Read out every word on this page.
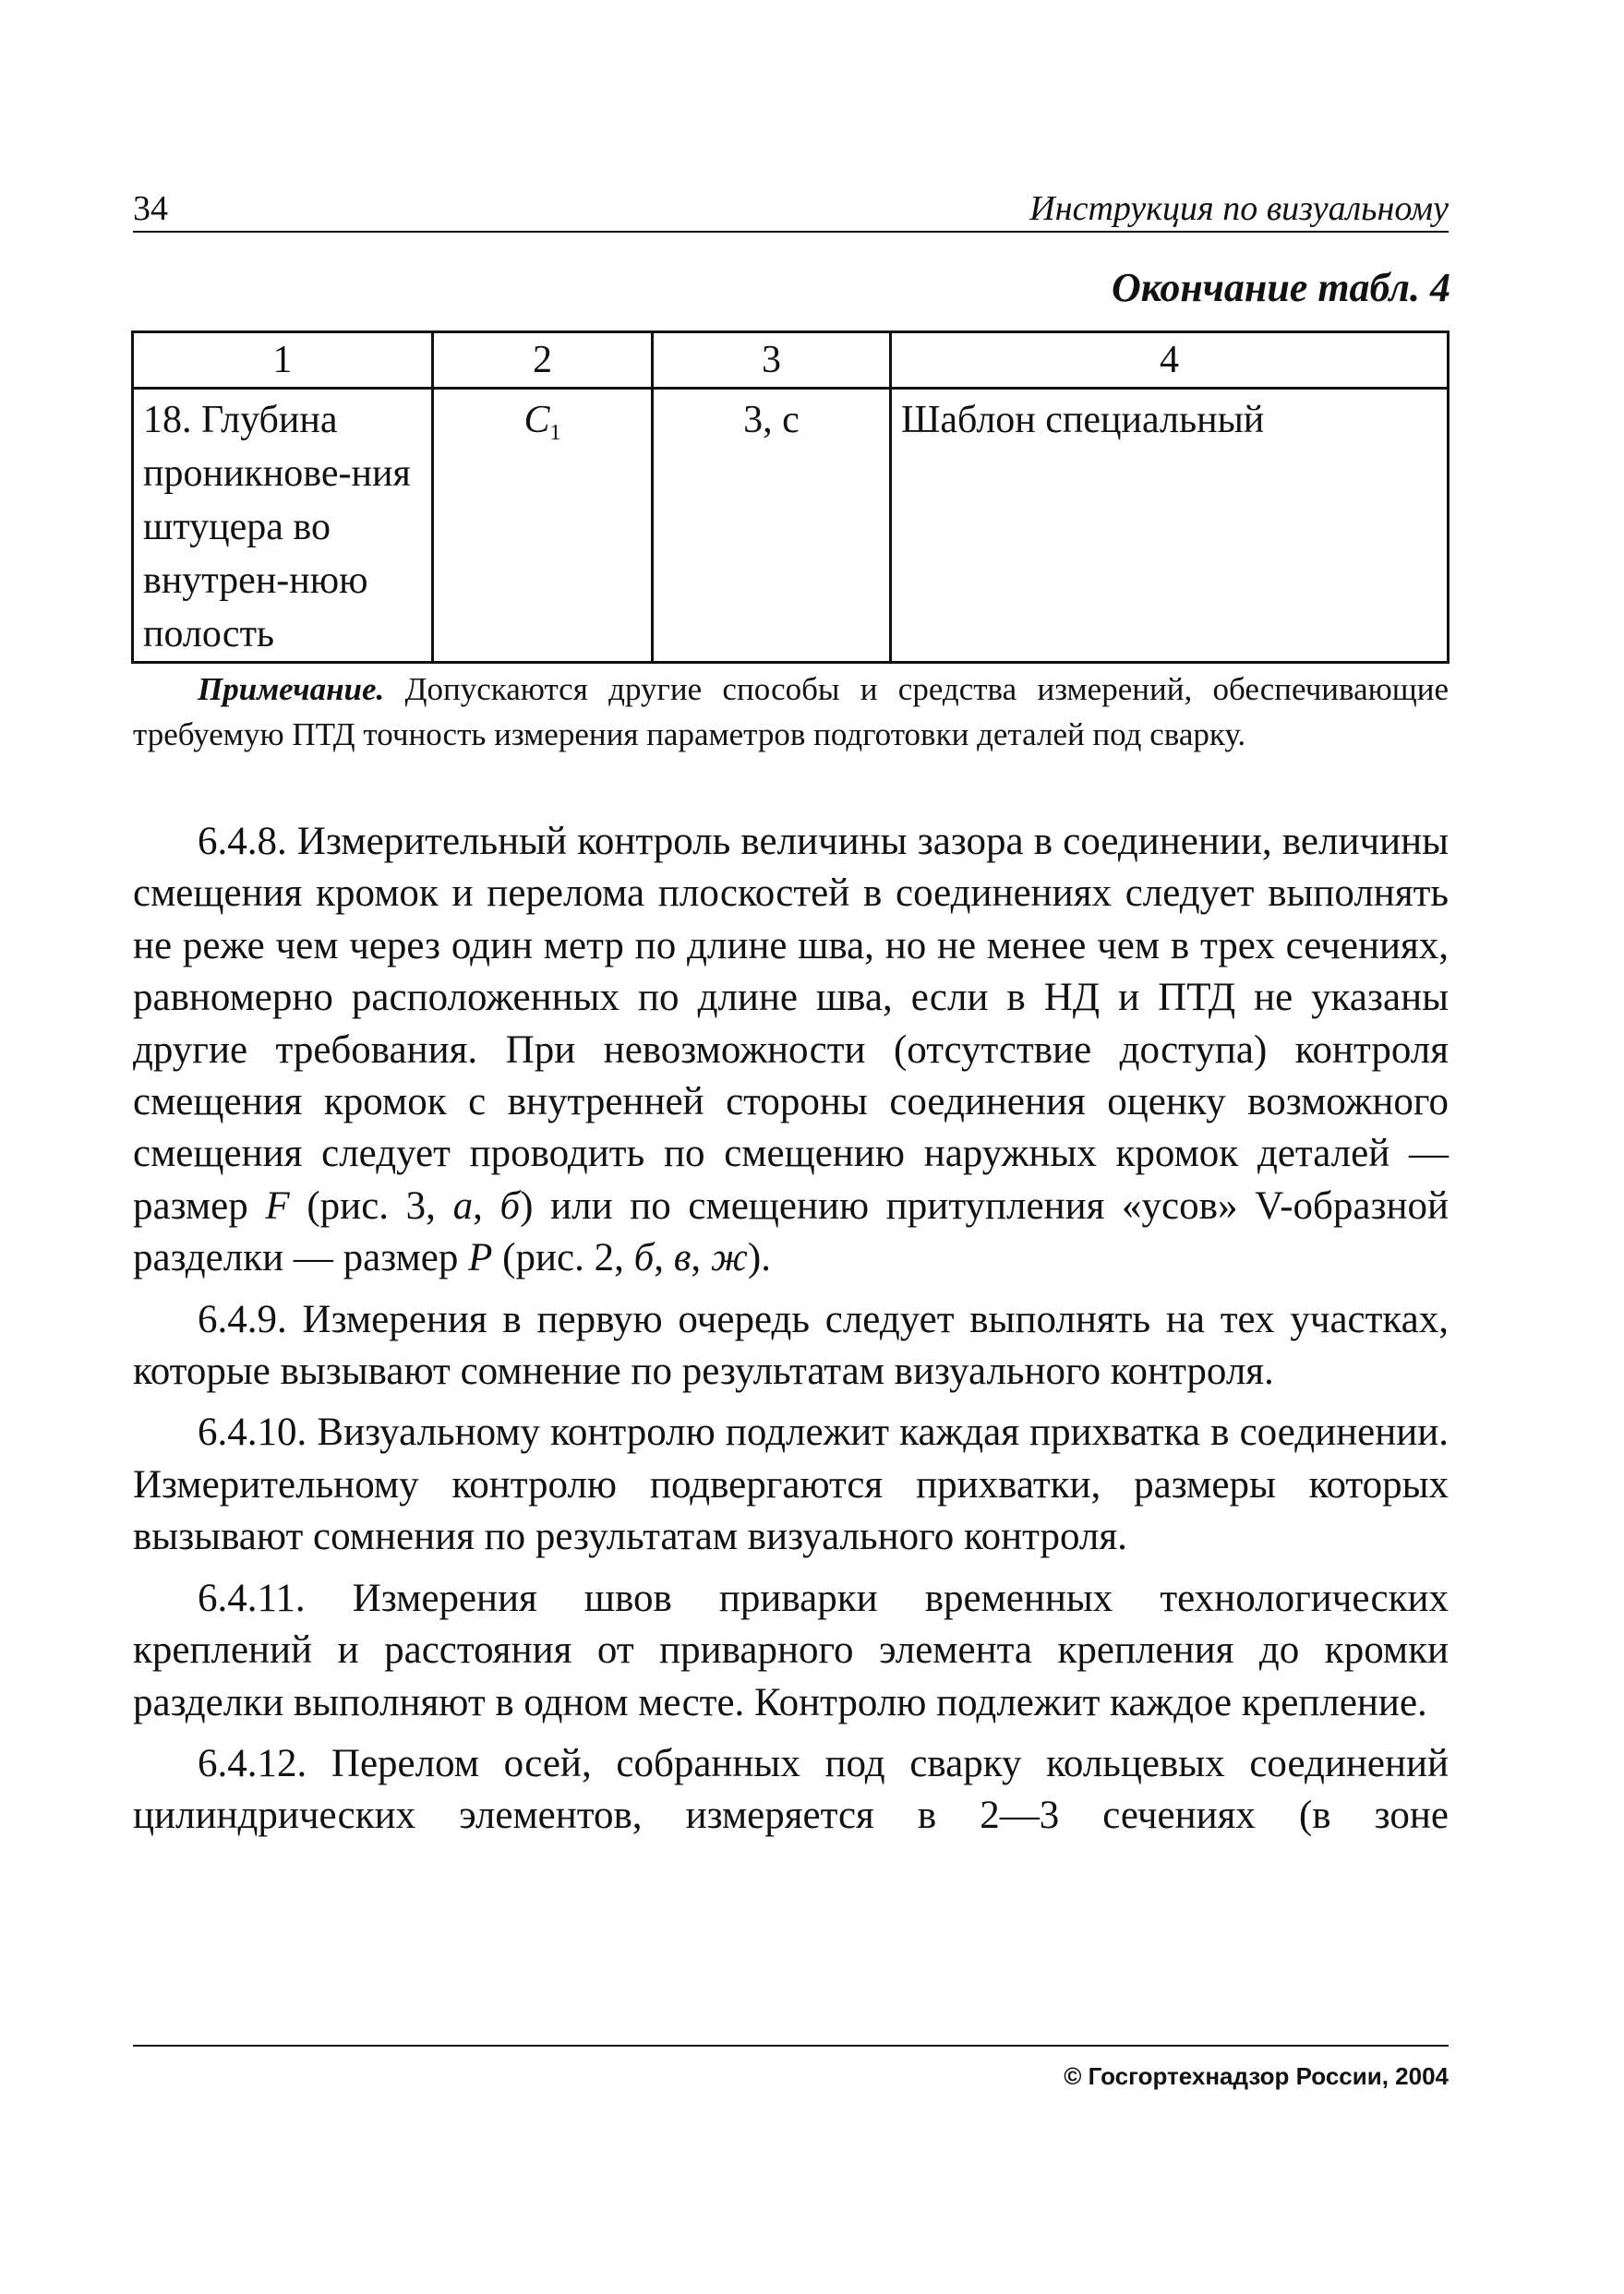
34	Инструкция по визуальному
Окончание табл. 4
1	2	3	4

18. Глубина проникнове-ния штуцера во внутрен-нюю полость	$C_1$	3, с	Шаблон специальный

Примечание. Допускаются другие способы и средства измерений, обеспечивающие требуемую ПТД точность измерения параметров подготовки деталей под сварку.

6.4.8. Измерительный контроль величины зазора в соединении, величины смещения кромок и перелома плоскостей в соединениях следует выполнять не реже чем через один метр по длине шва, но не менее чем в трех сечениях, равномерно расположенных по длине шва, если в НД и ПТД не указаны другие требования. При невозможности (отсутствие доступа) контроля смещения кромок с внутренней стороны соединения оценку возможного смещения следует проводить по смещению наружных кромок деталей — размер F (рис. 3, а, б) или по смещению притупления «усов» V-образной разделки — размер Р (рис. 2, б, в, ж).

6.4.9. Измерения в первую очередь следует выполнять на тех участках, которые вызывают сомнение по результатам визуального контроля.

6.4.10. Визуальному контролю подлежит каждая прихватка в соединении. Измерительному контролю подвергаются прихватки, размеры которых вызывают сомнения по результатам визуального контроля.

6.4.11. Измерения швов приварки временных технологических креплений и расстояния от приварного элемента крепления до кромки разделки выполняют в одном месте. Контролю подлежит каждое крепление.

6.4.12. Перелом осей, собранных под сварку кольцевых соединений цилиндрических элементов, измеряется в 2—3 сечениях (в зоне

© Госгортехнадзор России, 2004
